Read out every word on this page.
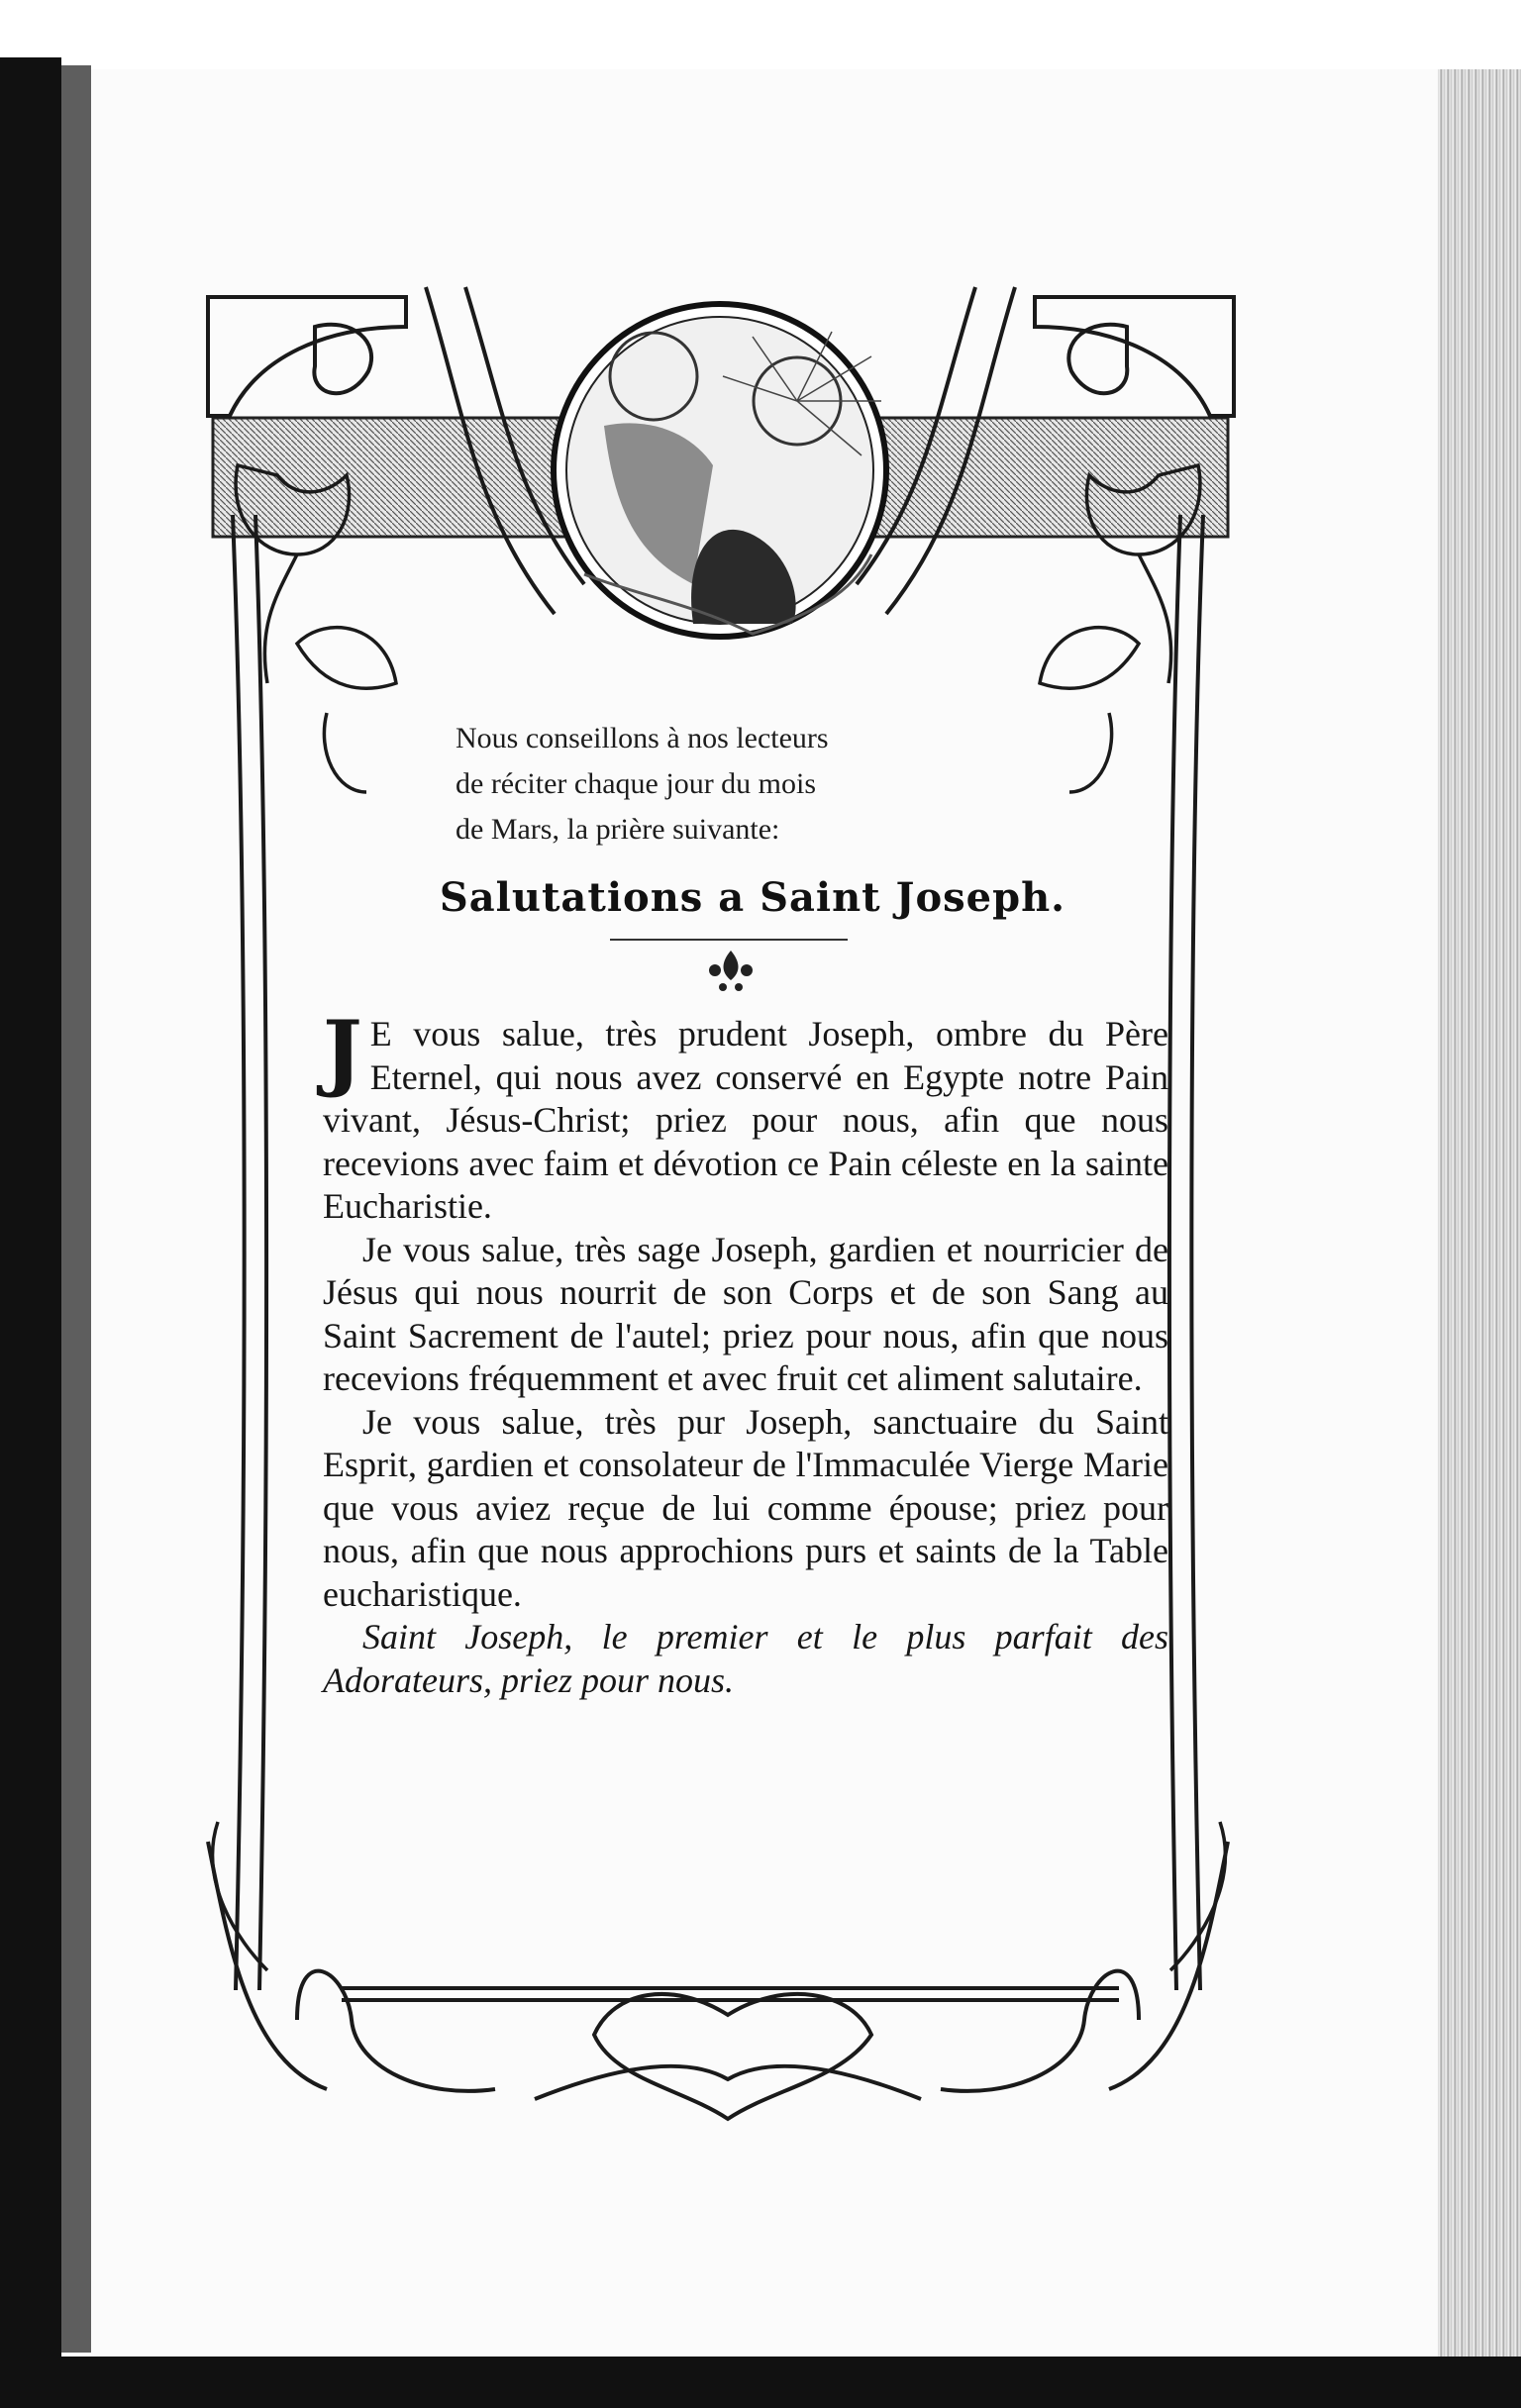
Nous conseillons à nos lecteurs
de réciter chaque jour du mois
de Mars, la prière suivante:
Salutations a Saint Joseph.

J E vous salue, très prudent Joseph, ombre du Père Eternel, qui nous avez conservé en Egypte notre Pain vivant, Jésus-Christ; priez pour nous, afin que nous recevions avec faim et dévotion ce Pain céleste en la sainte Eucharistie.

Je vous salue, très sage Joseph, gardien et nourricier de Jésus qui nous nourrit de son Corps et de son Sang au Saint Sacrement de l'autel; priez pour nous, afin que nous recevions fréquemment et avec fruit cet aliment salutaire.

Je vous salue, très pur Joseph, sanctuaire du Saint Esprit, gardien et consolateur de l'Immaculée Vierge Marie que vous aviez reçue de lui comme épouse; priez pour nous, afin que nous approchions purs et saints de la Table eucharistique.

Saint Joseph, le premier et le plus parfait des Adorateurs, priez pour nous.
